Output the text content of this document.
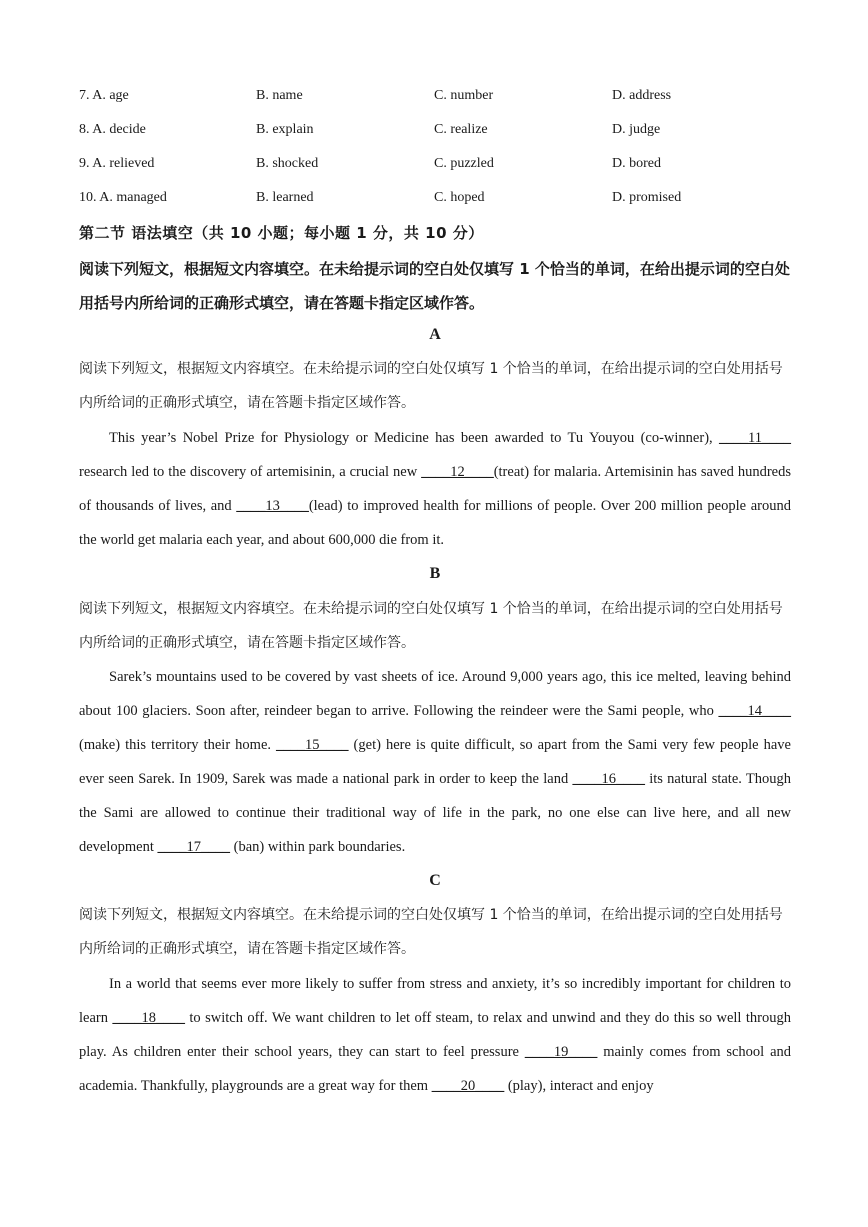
7. A. age	B. name	C. number	D. address
8. A. decide	B. explain	C. realize	D. judge
9. A. relieved	B. shocked	C. puzzled	D. bored
10. A. managed	B. learned	C. hoped	D. promised
第二节 语法填空（共 10 小题；每小题 1 分，共 10 分）
阅读下列短文，根据短文内容填空。在未给提示词的空白处仅填写 1 个恰当的单词，在给出提示词的空白处用括号内所给词的正确形式填空，请在答题卡指定区域作答。
A
阅读下列短文，根据短文内容填空。在未给提示词的空白处仅填写 1 个恰当的单词，在给出提示词的空白处用括号内所给词的正确形式填空，请在答题卡指定区域作答。
This year’s Nobel Prize for Physiology or Medicine has been awarded to Tu Youyou (co-winner), ____11____ research led to the discovery of artemisinin, a crucial new ____12____(treat) for malaria. Artemisinin has saved hundreds of thousands of lives, and ____13____(lead) to improved health for millions of people. Over 200 million people around the world get malaria each year, and about 600,000 die from it.
B
阅读下列短文，根据短文内容填空。在未给提示词的空白处仅填写 1 个恰当的单词，在给出提示词的空白处用括号内所给词的正确形式填空，请在答题卡指定区域作答。
Sarek’s mountains used to be covered by vast sheets of ice. Around 9,000 years ago, this ice melted, leaving behind about 100 glaciers. Soon after, reindeer began to arrive. Following the reindeer were the Sami people, who ____14____ (make) this territory their home. ____15____ (get) here is quite difficult, so apart from the Sami very few people have ever seen Sarek. In 1909, Sarek was made a national park in order to keep the land ____16____ its natural state. Though the Sami are allowed to continue their traditional way of life in the park, no one else can live here, and all new development ____17____ (ban) within park boundaries.
C
阅读下列短文，根据短文内容填空。在未给提示词的空白处仅填写 1 个恰当的单词，在给出提示词的空白处用括号内所给词的正确形式填空，请在答题卡指定区域作答。
In a world that seems ever more likely to suffer from stress and anxiety, it’s so incredibly important for children to learn ____18____ to switch off. We want children to let off steam, to relax and unwind and they do this so well through play. As children enter their school years, they can start to feel pressure ____19____ mainly comes from school and academia. Thankfully, playgrounds are a great way for them ____20____ (play), interact and enjoy
